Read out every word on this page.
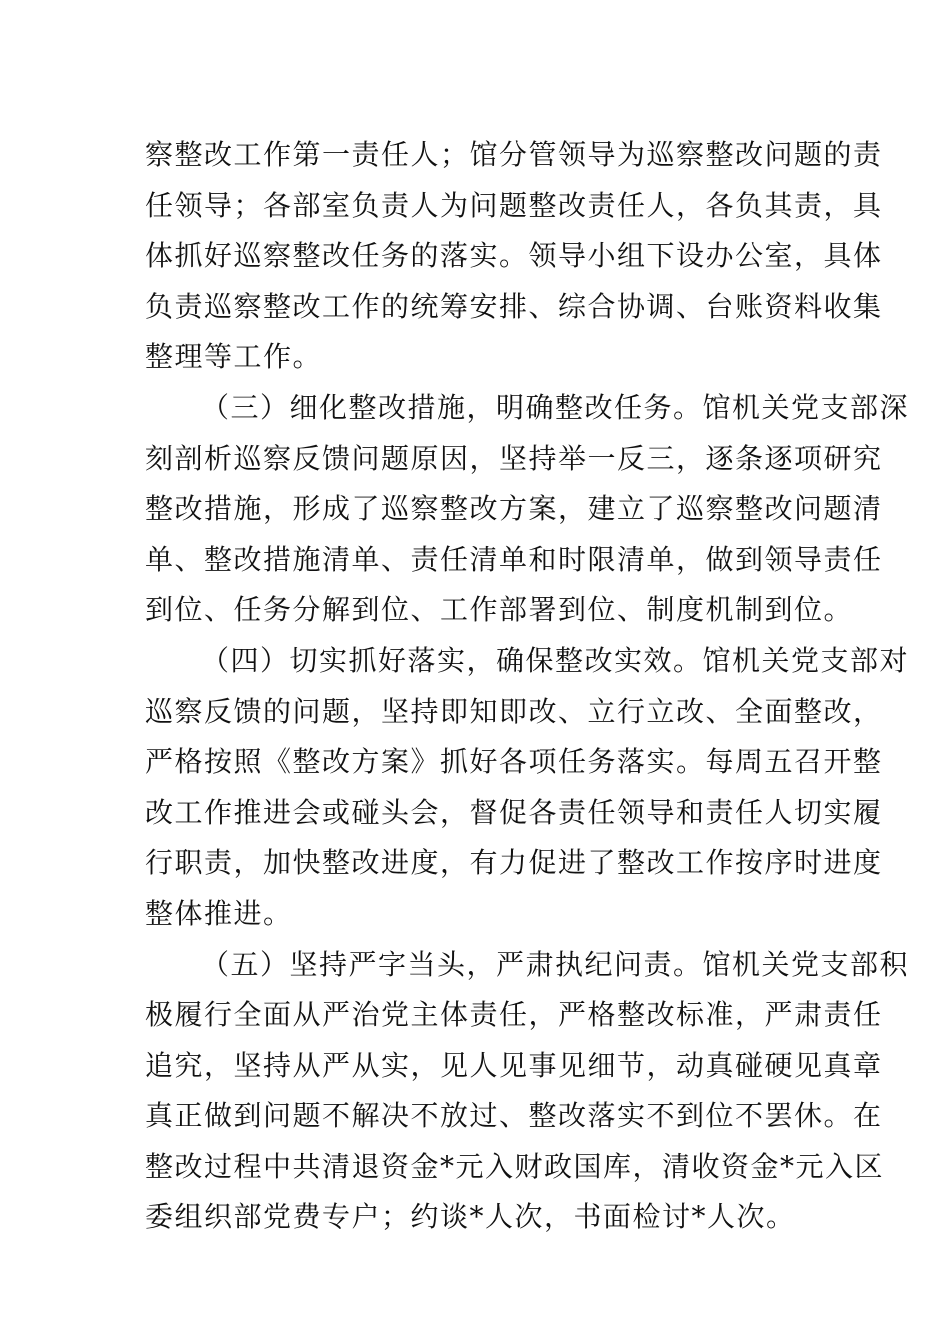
察整改工作第一责任人；馆分管领导为巡察整改问题的责
任领导；各部室负责人为问题整改责任人，各负其责，具
体抓好巡察整改任务的落实。领导小组下设办公室，具体
负责巡察整改工作的统筹安排、综合协调、台账资料收集
整理等工作。
（三）细化整改措施，明确整改任务。馆机关党支部深
刻剖析巡察反馈问题原因，坚持举一反三，逐条逐项研究
整改措施，形成了巡察整改方案，建立了巡察整改问题清
单、整改措施清单、责任清单和时限清单，做到领导责任
到位、任务分解到位、工作部署到位、制度机制到位。
（四）切实抓好落实，确保整改实效。馆机关党支部对
巡察反馈的问题，坚持即知即改、立行立改、全面整改，
严格按照《整改方案》抓好各项任务落实。每周五召开整
改工作推进会或碰头会，督促各责任领导和责任人切实履
行职责，加快整改进度，有力促进了整改工作按序时进度
整体推进。
（五）坚持严字当头，严肃执纪问责。馆机关党支部积
极履行全面从严治党主体责任，严格整改标准，严肃责任
追究，坚持从严从实，见人见事见细节，动真碰硬见真章
真正做到问题不解决不放过、整改落实不到位不罢休。在
整改过程中共清退资金*元入财政国库，清收资金*元入区
委组织部党费专户；约谈*人次，书面检讨*人次。
